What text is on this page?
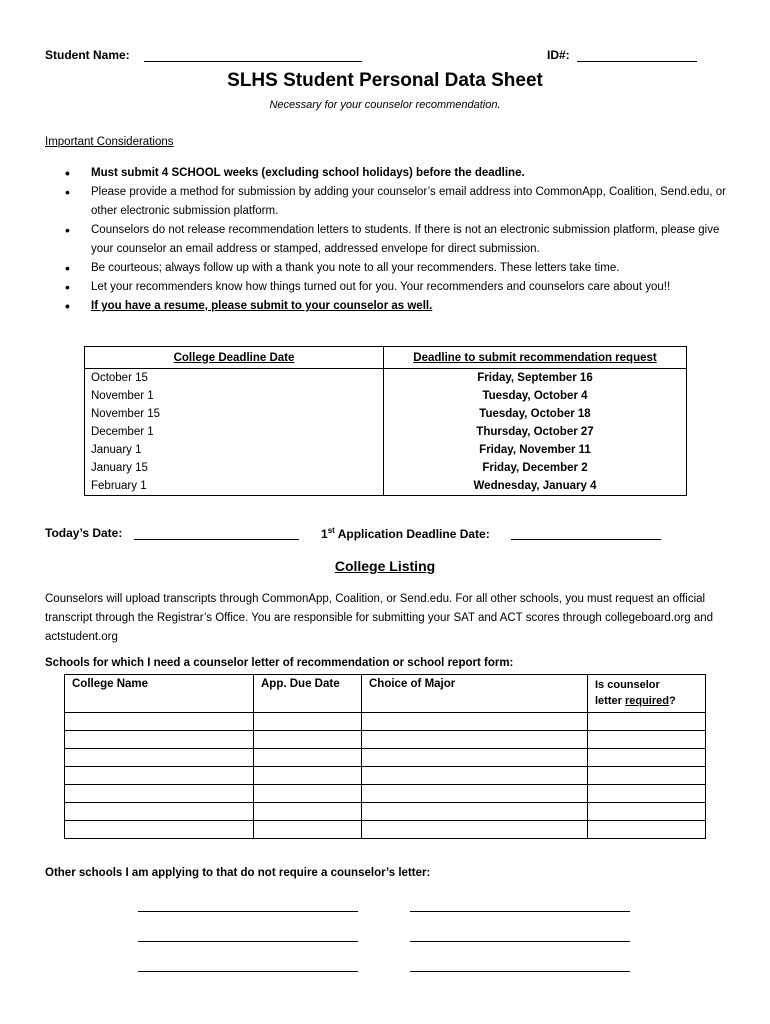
Student Name:	ID#:
SLHS Student Personal Data Sheet
Necessary for your counselor recommendation.
Important Considerations
• Must submit 4 SCHOOL weeks (excluding school holidays) before the deadline.
• Please provide a method for submission by adding your counselor’s email address into CommonApp, Coalition, Send.edu, or other electronic submission platform.
• Counselors do not release recommendation letters to students. If there is not an electronic submission platform, please give your counselor an email address or stamped, addressed envelope for direct submission.
• Be courteous; always follow up with a thank you note to all your recommenders. These letters take time.
• Let your recommenders know how things turned out for you. Your recommenders and counselors care about you!!
• If you have a resume, please submit to your counselor as well.
College Deadline Date	Deadline to submit recommendation request
October 15	Friday, September 16
November 1	Tuesday, October 4
November 15	Tuesday, October 18
December 1	Thursday, October 27
January 1	Friday, November 11
January 15	Friday, December 2
February 1	Wednesday, January 4
Today’s Date:	1st Application Deadline Date:
College Listing

Counselors will upload transcripts through CommonApp, Coalition, or Send.edu. For all other schools, you must request an official transcript through the Registrar’s Office. You are responsible for submitting your SAT and ACT scores through collegeboard.org and actstudent.org

Schools for which I need a counselor letter of recommendation or school report form:
College Name	App. Due Date	Choice of Major	Is counselor
letter required?

Other schools I am applying to that do not require a counselor’s letter:
